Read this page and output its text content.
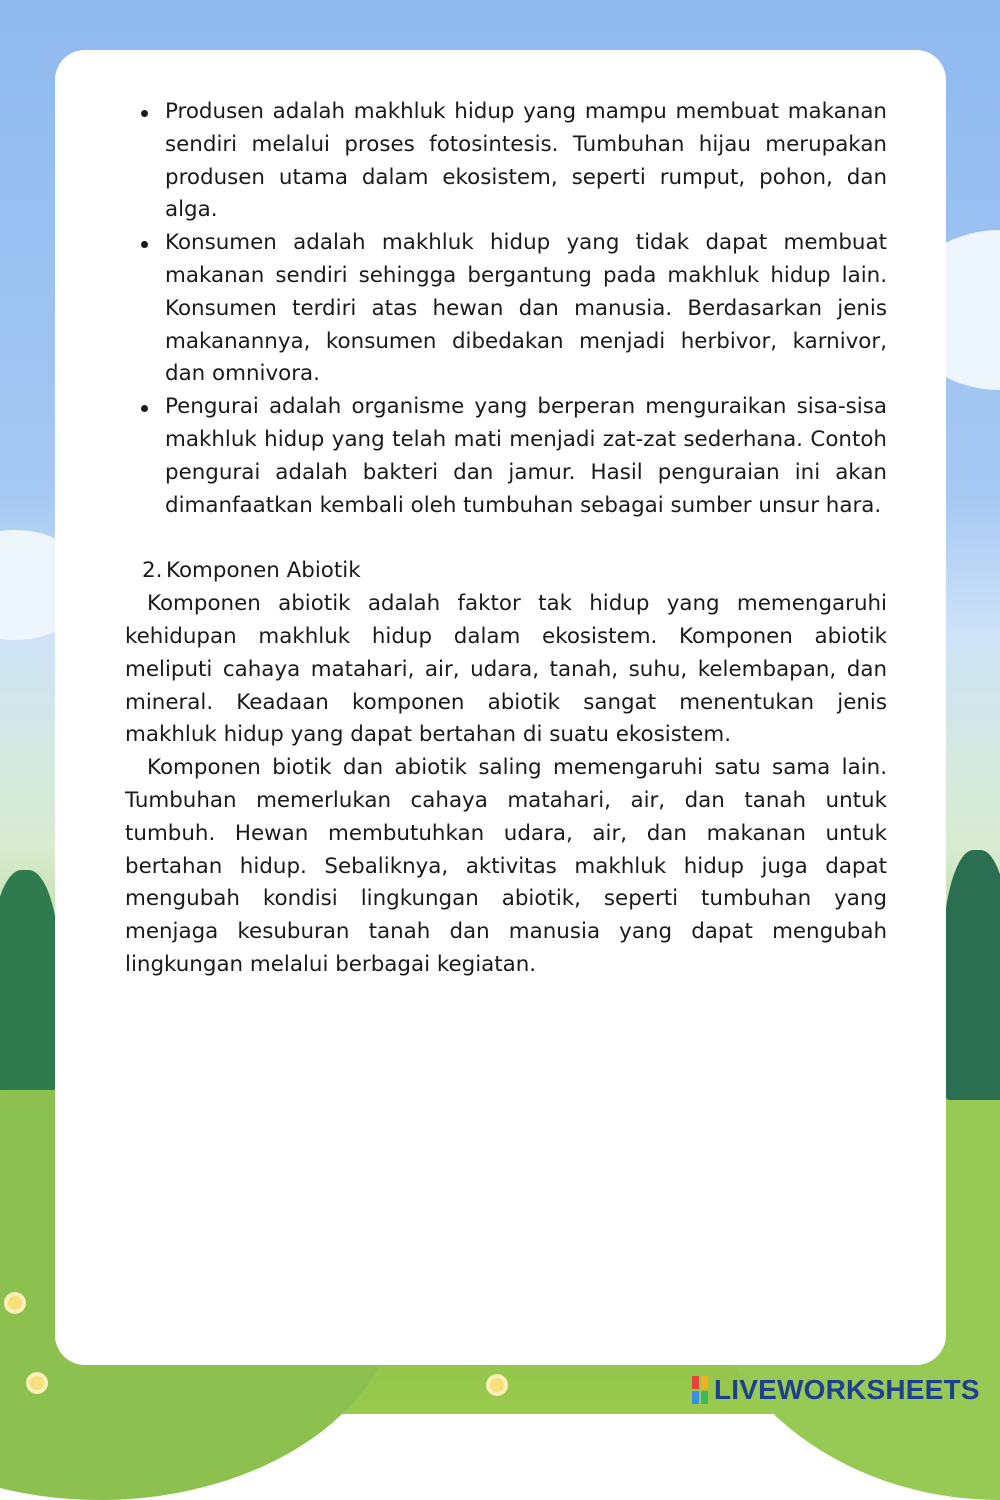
Produsen adalah makhluk hidup yang mampu membuat makanan sendiri melalui proses fotosintesis. Tumbuhan hijau merupakan produsen utama dalam ekosistem, seperti rumput, pohon, dan alga.
Konsumen adalah makhluk hidup yang tidak dapat membuat makanan sendiri sehingga bergantung pada makhluk hidup lain. Konsumen terdiri atas hewan dan manusia. Berdasarkan jenis makanannya, konsumen dibedakan menjadi herbivor, karnivor, dan omnivora.
Pengurai adalah organisme yang berperan menguraikan sisa-sisa makhluk hidup yang telah mati menjadi zat-zat sederhana. Contoh pengurai adalah bakteri dan jamur. Hasil penguraian ini akan dimanfaatkan kembali oleh tumbuhan sebagai sumber unsur hara.
2. Komponen Abiotik

Komponen abiotik adalah faktor tak hidup yang memengaruhi kehidupan makhluk hidup dalam ekosistem. Komponen abiotik meliputi cahaya matahari, air, udara, tanah, suhu, kelembapan, dan mineral. Keadaan komponen abiotik sangat menentukan jenis makhluk hidup yang dapat bertahan di suatu ekosistem.

Komponen biotik dan abiotik saling memengaruhi satu sama lain. Tumbuhan memerlukan cahaya matahari, air, dan tanah untuk tumbuh. Hewan membutuhkan udara, air, dan makanan untuk bertahan hidup. Sebaliknya, aktivitas makhluk hidup juga dapat mengubah kondisi lingkungan abiotik, seperti tumbuhan yang menjaga kesuburan tanah dan manusia yang dapat mengubah lingkungan melalui berbagai kegiatan.

LIVEWORKSHEETS
